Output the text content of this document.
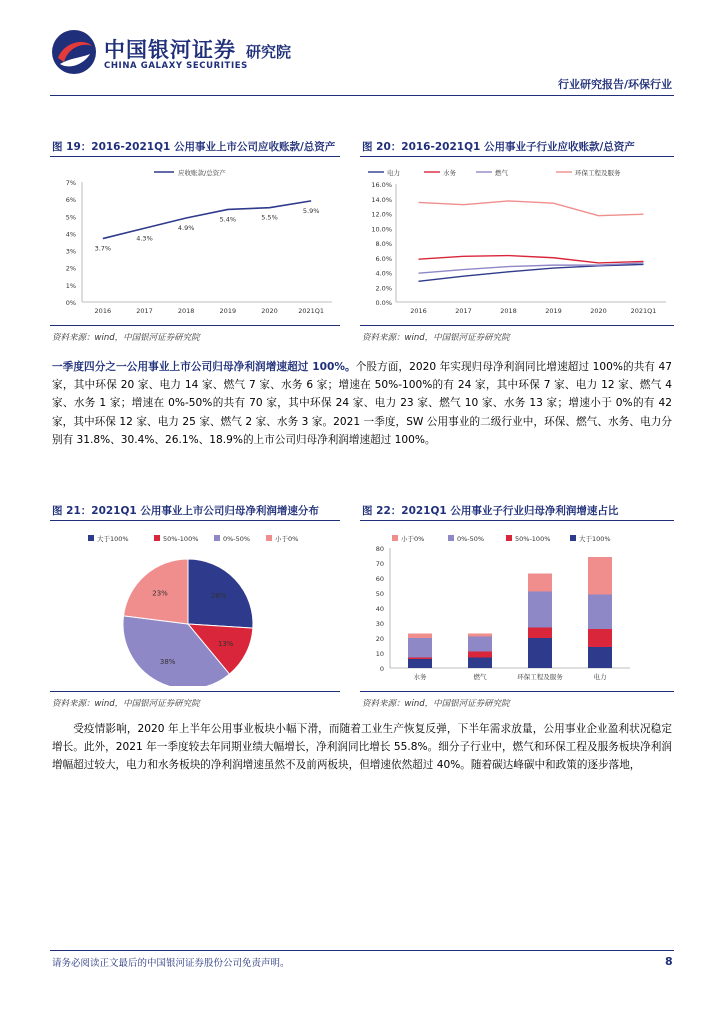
中国银河证券
CHINA GALAXY SECURITIES
研究院
行业研究报告/环保行业
图 19：2016-2021Q1 公用事业上市公司应收账款/总资产
0%
1%
2%
3%
4%
5%
6%
7%
2016	2017	2018	2019	2020	2021Q1
3.7%
4.3%
4.9%
5.4%	5.5%
5.9%
应收账款/总资产
资料来源：wind，中国银河证券研究院
图 20：2016-2021Q1 公用事业子行业应收账款/总资产
0.0%
2.0%
4.0%
6.0%
8.0%
10.0%
12.0%
14.0%
16.0%
2016	2017	2018	2019	2020	2021Q1
电力	水务	燃气	环保工程及服务
资料来源：wind，中国银河证券研究院
一季度四分之一公用事业上市公司归母净利润增速超过 100%。个股方面，2020 年实现归母净利润同比增速超过 100%的共有 47 家，其中环保 20 家、电力 14 家、燃气 7 家、水务 6 家；增速在 50%-100%的有 24 家，其中环保 7 家、电力 12 家、燃气 4 家、水务 1 家；增速在 0%-50%的共有 70 家，其中环保 24 家、电力 23 家、燃气 10 家、水务 13 家；增速小于 0%的有 42 家，其中环保 12 家、电力 25 家、燃气 2 家、水务 3 家。2021 一季度，SW 公用事业的二级行业中，环保、燃气、水务、电力分别有 31.8%、30.4%、26.1%、18.9%的上市公司归母净利润增速超过 100%。
图 21：2021Q1 公用事业上市公司归母净利润增速分布
大于100%	50%-100%	0%-50%	小于0%
26%
13%
38%
23%
资料来源：wind，中国银河证券研究院
图 22：2021Q1 公用事业子行业归母净利润增速占比
0
10
20
30
40
50
60
70
80
水务	燃气	环保工程及服务	电力
小于0%	0%-50%	50%-100%	大于100%
资料来源：wind，中国银河证券研究院
受疫情影响，2020 年上半年公用事业板块小幅下滑，而随着工业生产恢复反弹，下半年需求放量，公用事业企业盈利状况稳定增长。此外，2021 年一季度较去年同期业绩大幅增长，净利润同比增长 55.8%。细分子行业中，燃气和环保工程及服务板块净利润增幅超过较大，电力和水务板块的净利润增速虽然不及前两板块，但增速依然超过 40%。随着碳达峰碳中和政策的逐步落地，
请务必阅读正文最后的中国银河证券股份公司免责声明。	8
